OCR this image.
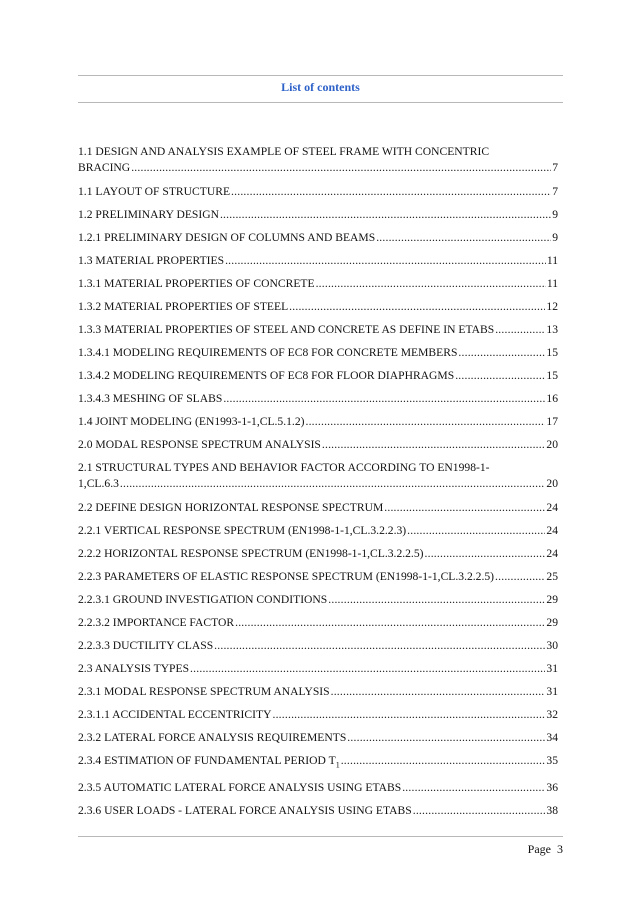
List of contents
1.1 DESIGN AND ANALYSIS EXAMPLE OF STEEL FRAME WITH CONCENTRIC
BRACING .....	7
1.1 LAYOUT OF STRUCTURE .....	7
1.2 PRELIMINARY DESIGN .....	9
1.2.1 PRELIMINARY DESIGN OF COLUMNS AND BEAMS .....	9
1.3 MATERIAL PROPERTIES .....	11
1.3.1 MATERIAL PROPERTIES OF CONCRETE .....	11
1.3.2 MATERIAL PROPERTIES OF STEEL .....	12
1.3.3 MATERIAL PROPERTIES OF STEEL AND CONCRETE AS DEFINE IN ETABS .....	13
1.3.4.1 MODELING REQUIREMENTS OF EC8 FOR CONCRETE MEMBERS .....	15
1.3.4.2 MODELING REQUIREMENTS OF EC8 FOR FLOOR DIAPHRAGMS .....	15
1.3.4.3 MESHING OF SLABS .....	16
1.4 JOINT MODELING (EN1993-1-1,CL.5.1.2) .....	17
2.0 MODAL RESPONSE SPECTRUM ANALYSIS .....	20
2.1 STRUCTURAL TYPES AND BEHAVIOR FACTOR ACCORDING TO EN1998-1-
1,CL.6.3 .....	20
2.2 DEFINE DESIGN HORIZONTAL RESPONSE SPECTRUM .....	24
2.2.1 VERTICAL RESPONSE SPECTRUM (EN1998-1-1,CL.3.2.2.3) .....	24
2.2.2 HORIZONTAL RESPONSE SPECTRUM (EN1998-1-1,CL.3.2.2.5) .....	24
2.2.3 PARAMETERS OF ELASTIC RESPONSE SPECTRUM (EN1998-1-1,CL.3.2.2.5) .....	25
2.2.3.1 GROUND INVESTIGATION CONDITIONS .....	29
2.2.3.2 IMPORTANCE FACTOR .....	29
2.2.3.3 DUCTILITY CLASS .....	30
2.3 ANALYSIS TYPES .....	31
2.3.1 MODAL RESPONSE SPECTRUM ANALYSIS .....	31
2.3.1.1 ACCIDENTAL ECCENTRICITY .....	32
2.3.2 LATERAL FORCE ANALYSIS REQUIREMENTS .....	34
2.3.4 ESTIMATION OF FUNDAMENTAL PERIOD $T_1$ .....	35
2.3.5 AUTOMATIC LATERAL FORCE ANALYSIS USING ETABS .....	36
2.3.6 USER LOADS - LATERAL FORCE ANALYSIS USING ETABS .....	38
Page 3
